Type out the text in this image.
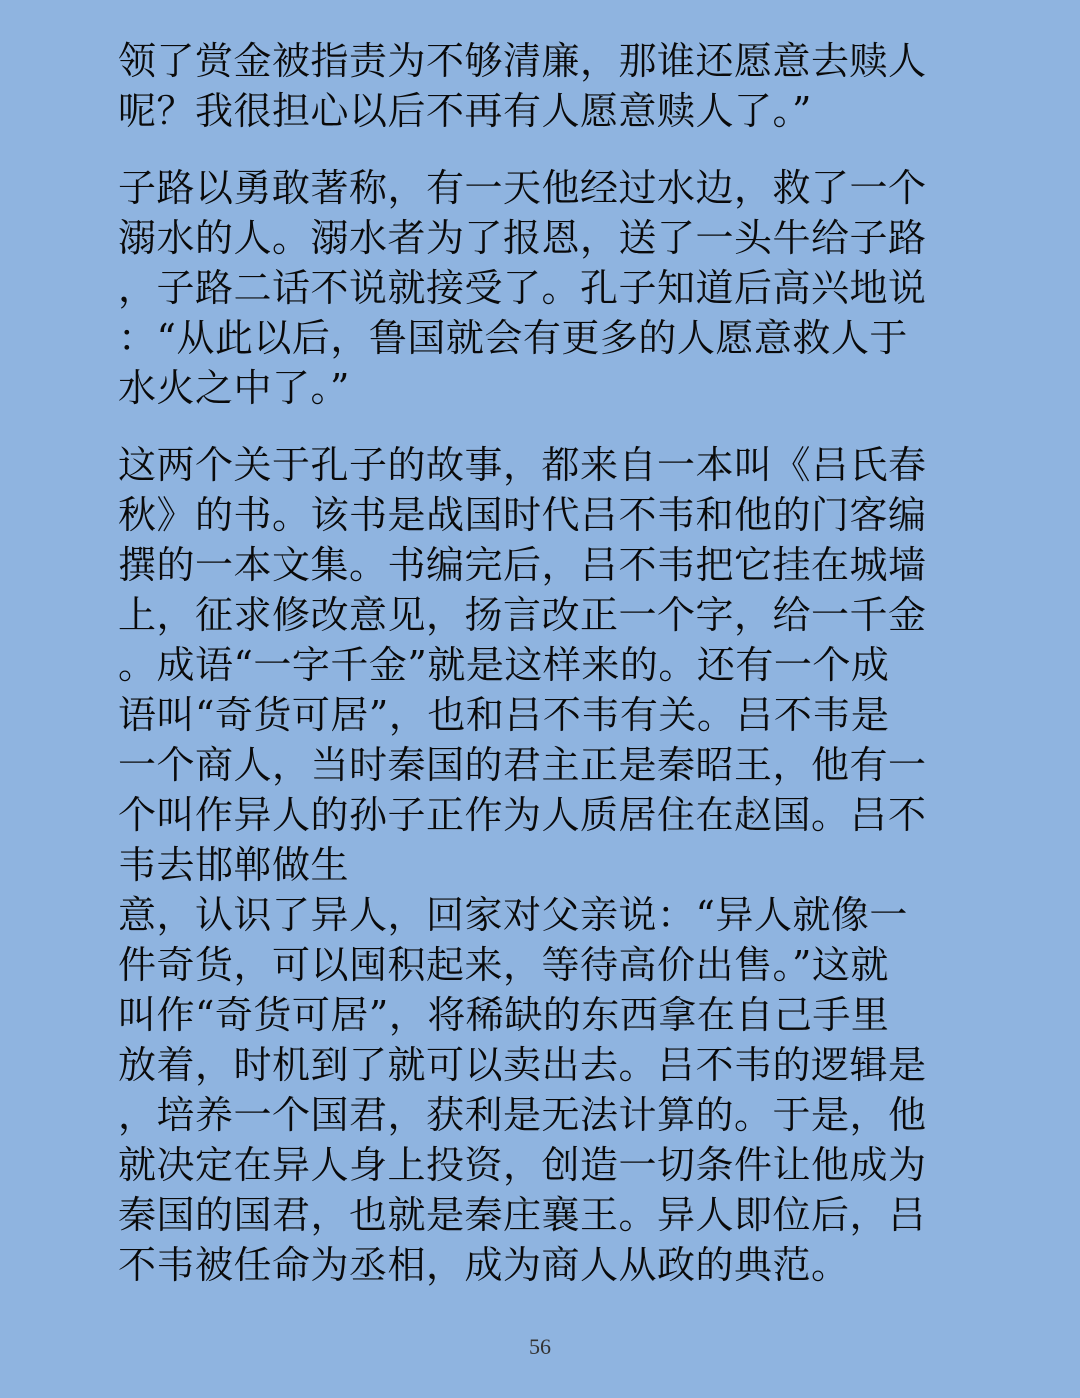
领了赏金被指责为不够清廉，那谁还愿意去赎人
呢？我很担心以后不再有人愿意赎人了。”
子路以勇敢著称，有一天他经过水边，救了一个
溺水的人。溺水者为了报恩，送了一头牛给子路
，子路二话不说就接受了。孔子知道后高兴地说
：“从此以后，鲁国就会有更多的人愿意救人于
水火之中了。”
这两个关于孔子的故事，都来自一本叫《吕氏春
秋》的书。该书是战国时代吕不韦和他的门客编
撰的一本文集。书编完后，吕不韦把它挂在城墙
上，征求修改意见，扬言改正一个字，给一千金
。成语“一字千金”就是这样来的。还有一个成
语叫“奇货可居”，也和吕不韦有关。吕不韦是
一个商人，当时秦国的君主正是秦昭王，他有一
个叫作异人的孙子正作为人质居住在赵国。吕不
韦去邯郸做生
意，认识了异人，回家对父亲说：“异人就像一
件奇货，可以囤积起来，等待高价出售。”这就
叫作“奇货可居”，将稀缺的东西拿在自己手里
放着，时机到了就可以卖出去。吕不韦的逻辑是
，培养一个国君，获利是无法计算的。于是，他
就决定在异人身上投资，创造一切条件让他成为
秦国的国君，也就是秦庄襄王。异人即位后，吕
不韦被任命为丞相，成为商人从政的典范。
56
